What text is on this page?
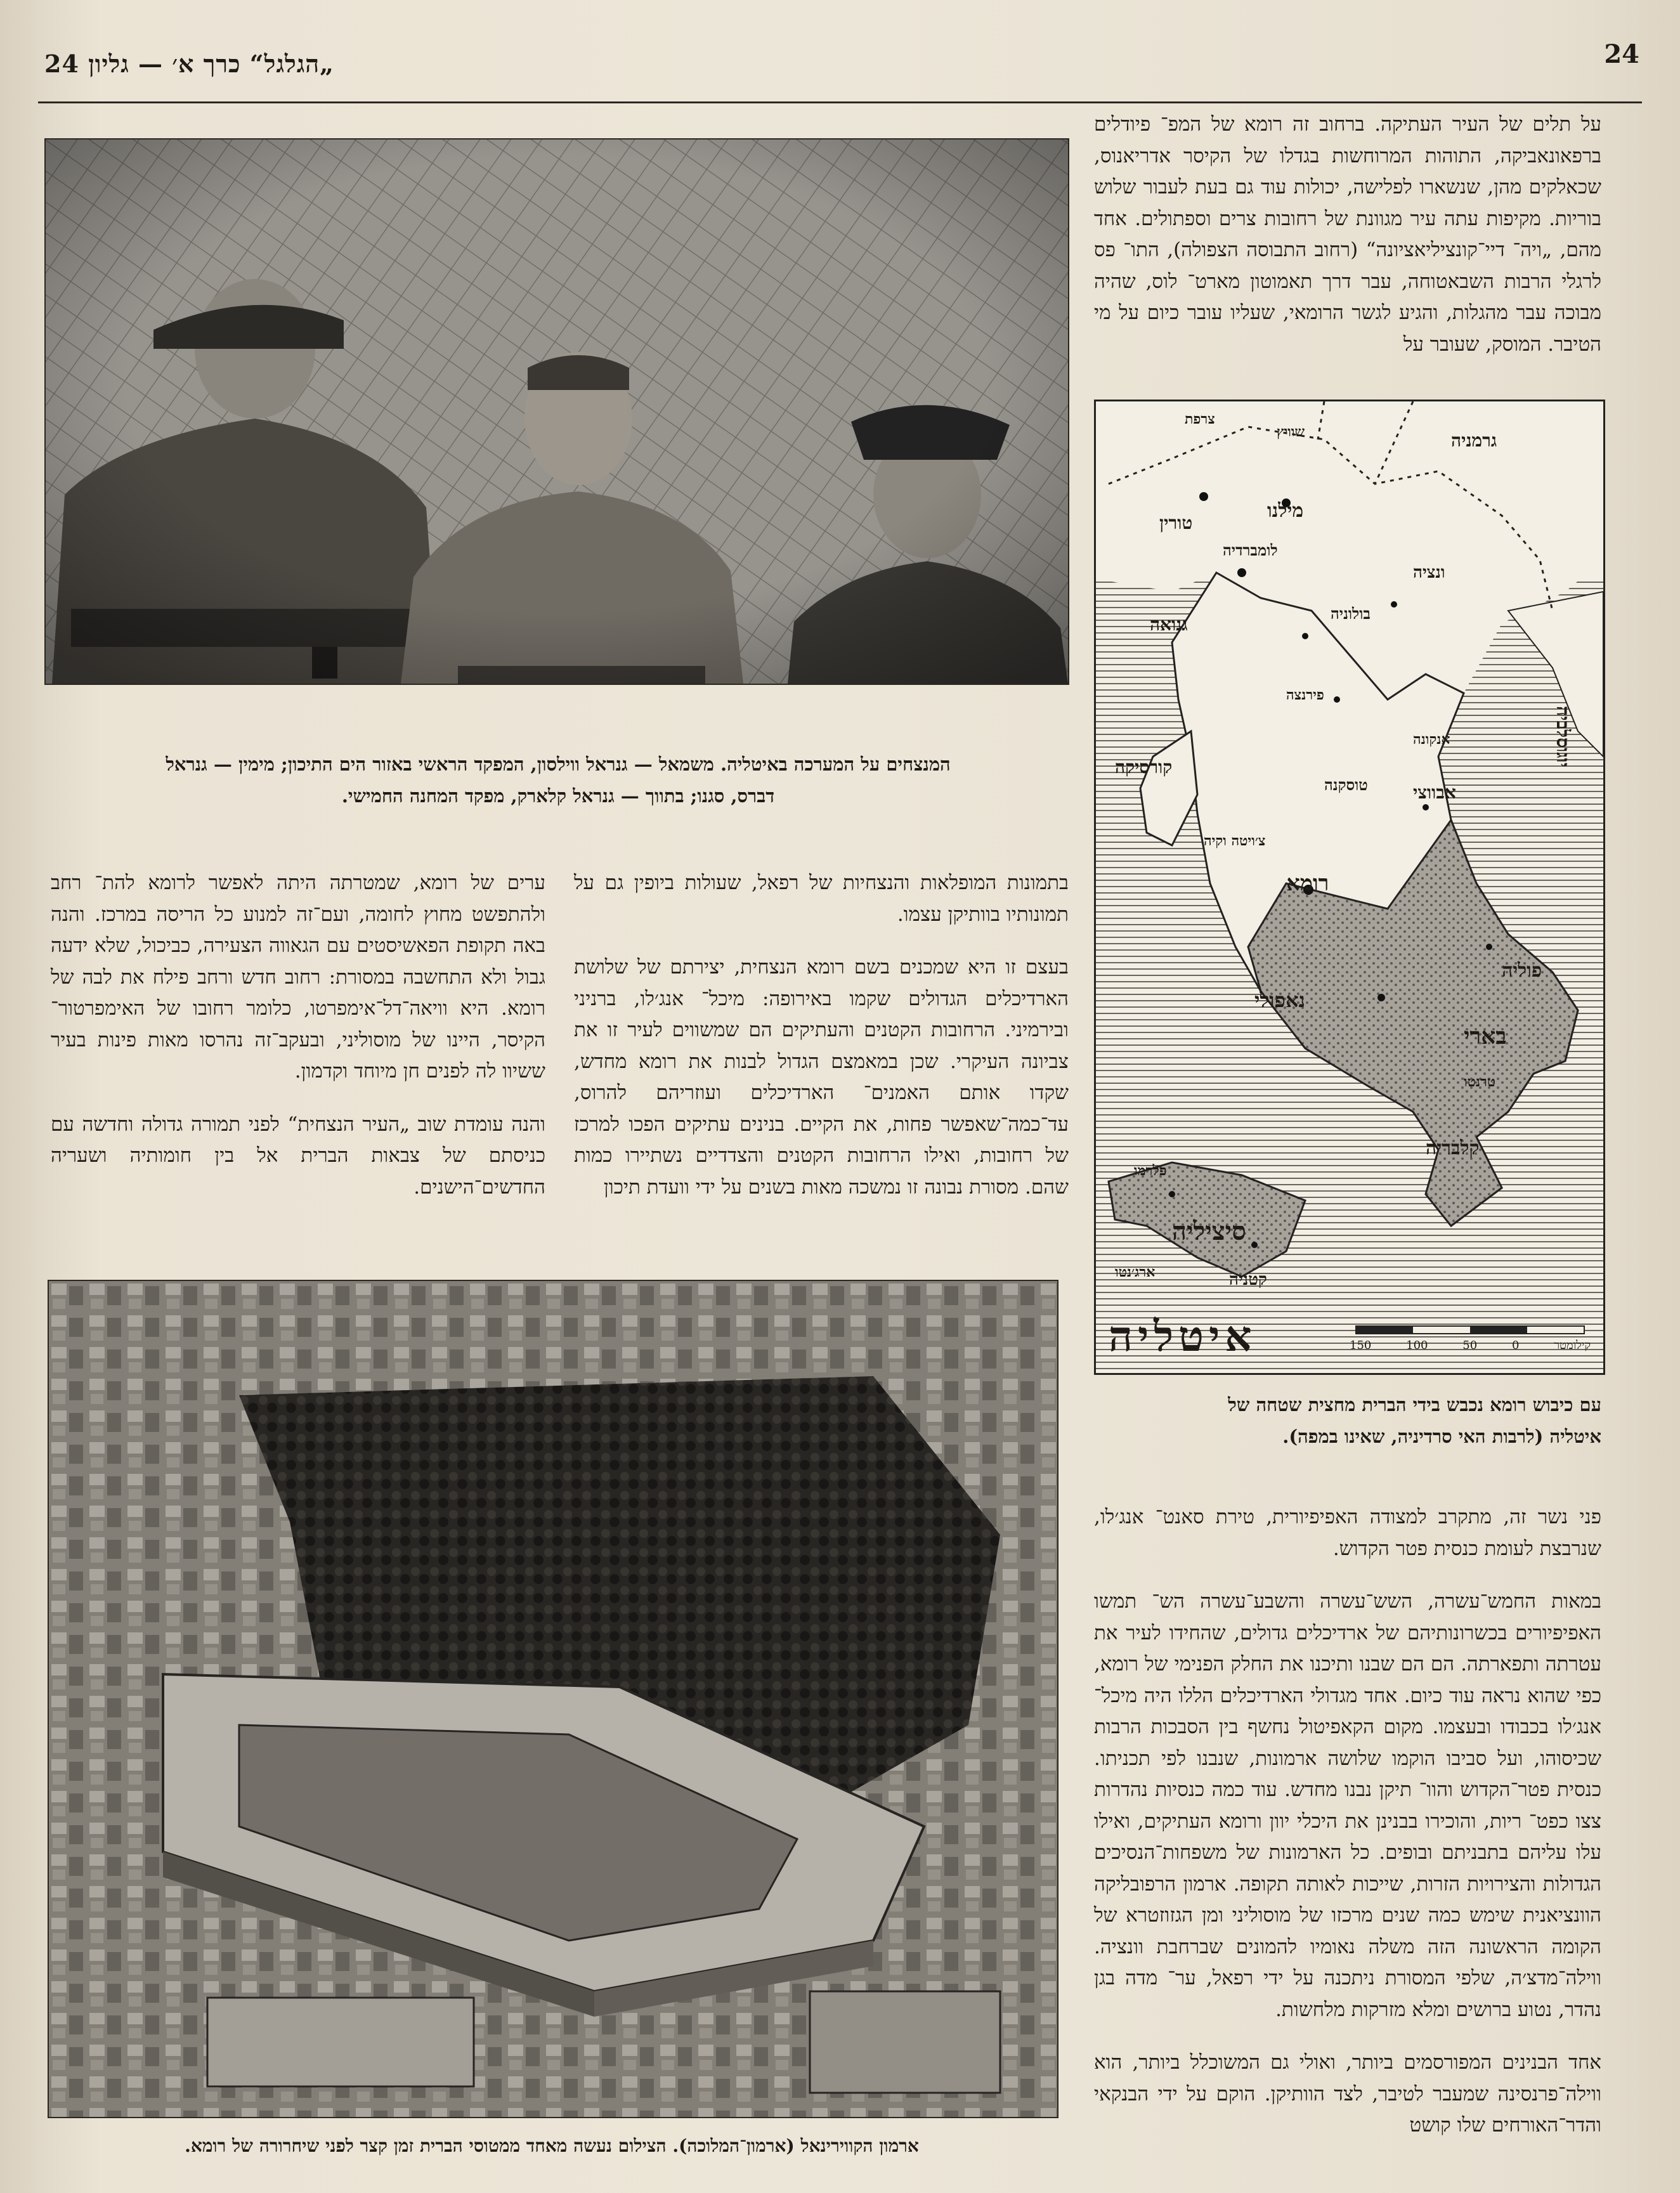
„הגלגל“ כרך א׳ — גליון 24	24
המנצחים על המערכה באיטליה. משמאל — גנראל ווילסון, המפקד הראשי באזור הים התיכון; מימין — גנראל
דברס, סגנו; בתווך — גנראל קלארק, מפקד המחנה החמישי.

על תלים של העיר העתיקה. ברחוב זה רומא של המפ־ פיודלים ברפאונאביקה, התוהות המרוחשות בגדלו של הקיסר אדריאנוס, שכאלקים מהן, שנשארו לפלישה, יכולות עוד גם בעת לעבור שלוש בוריות. מקיפות עתה עיר מגוונת של רחובות צרים וספתולים. אחד מהם, „ויה־ דיי־קונציליאציונה“ (רחוב התבוסה הצפולה), התו־ פס לרגלי הרבות השבאטוחה, עבר דרך תאמוטון מארט־ לוס, שהיה מבוכה עבר מהגלות, והגיע לגשר הרומאי, שעליו עובר כיום על מי הטיבר. המוסק, שעובר על

גרמניה
שוויץ
צרפת
מילנו
טורין
גנואה
ונציה
בולוניה
פירנצה
קורסיקה
רומא
נאפולי
בארי
סיציליה
פלרמו
קלבריה
פוליה
אבווצי
טוסקנה
לומברדיה
יוגוסלביה
קטניה
ארג׳נטו
צ׳ויטה וקיה
אנקונה
טרנטו
איטליה	150	100	50	0	קילומטר
עם כיבוש רומא נכבש בידי הברית מחצית שטחה של
איטליה (לרבות האי סרדיניה, שאינו במפה).

בתמונות המופלאות והנצחיות של רפאל, שעולות ביופין גם על תמונותיו בוותיקן עצמו.

בעצם זו היא שמכנים בשם רומא הנצחית, יצירתם של שלושת הארדיכלים הגדולים שקמו באירופה: מיכל־ אנג׳לו, ברניני ובירמיני. הרחובות הקטנים והעתיקים הם שמשווים לעיר זו את צביונה העיקרי. שכן במאמצם הגדול לבנות את רומא מחדש, שקדו אותם האמנים־ הארדיכלים ועוזריהם להרוס, עד־כמה־שאפשר פחות, את הקיים. בנינים עתיקים הפכו למרכז של רחובות, ואילו הרחובות הקטנים והצדדיים נשתיירו כמות שהם. מסורת נבונה זו נמשכה מאות בשנים על ידי וועדת תיכון

ערים של רומא, שמטרתה היתה לאפשר לרומא להת־ רחב ולהתפשט מחוץ לחומה, ועם־זה למנוע כל הריסה במרכז. והנה באה תקופת הפאשיסטים עם הגאווה הצעירה, כביכול, שלא ידעה גבול ולא התחשבה במסורת: רחוב חדש ורחב פילח את לבה של רומא. היא וויאה־דל־אימפרטו, כלומר רחובו של האימפרטור־ הקיסר, היינו של מוסוליני, ובעקב־זה נהרסו מאות פינות בעיר ששיוו לה לפנים חן מיוחד וקדמון.

והנה עומדת שוב „העיר הנצחית“ לפני תמורה גדולה וחדשה עם כניסתם של צבאות הברית אל בין חומותיה ושעריה החדשים־הישנים.

ארמון הקווירינאל (ארמון־המלוכה). הצילום נעשה מאחד ממטוסי הברית זמן קצר לפני שיחרורה של רומא.

פני נשר זה, מתקרב למצודה האפיפיורית, טירת סאנט־ אנג׳לו, שנרבצת לעומת כנסית פטר הקדוש.

במאות החמש־עשרה, השש־עשרה והשבע־עשרה הש־ תמשו האפיפיורים בכשרונותיהם של ארדיכלים גדולים, שהחידו לעיר את עטרתה ותפארתה. הם הם שבנו ותיכנו את החלק הפנימי של רומא, כפי שהוא נראה עוד כיום. אחד מגדולי הארדיכלים הללו היה מיכל־ אנג׳לו בכבודו ובעצמו. מקום הקאפיטול נחשף בין הסבכות הרבות שכיסוהו, ועל סביבו הוקמו שלושה ארמונות, שנבנו לפי תכניתו. כנסית פטר־הקדוש והוו־ תיקן נבנו מחדש. עוד כמה כנסיות נהדרות צצו כפט־ ריות, והוכירו בבנינן את היכלי יוון ורומא העתיקים, ואילו עלו עליהם בתבניתם ובופים. כל הארמונות של משפחות־הנסיכים הגדולות והצירויות הזרות, שייכות לאותה תקופה. ארמון הרפובליקה הוונציאנית שימש כמה שנים מרכזו של מוסוליני ומן הגזוזטרא של הקומה הראשונה הזה משלה נאומיו להמונים שברחבת וונציה. ווילה־מדצ׳ה, שלפי המסורת ניתכנה על ידי רפאל, ער־ מדה בגן נהדר, נטוע ברושים ומלא מזרקות מלחשות.

אחד הבנינים המפורסמים ביותר, ואולי גם המשוכלל ביותר, הוא ווילה־פרנסינה שמעבר לטיבר, לצד הוותיקן. הוקם על ידי הבנקאי והדר־האורחים שלו קושט
